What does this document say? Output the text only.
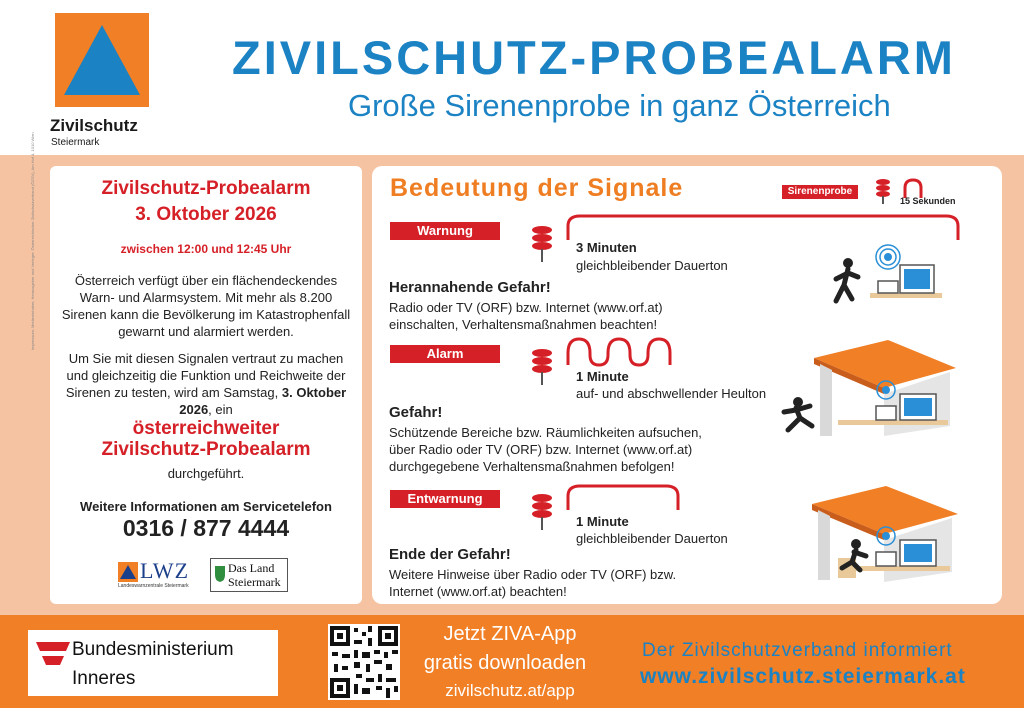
Zivilschutz
Steiermark
ZIVILSCHUTZ-PROBEALARM
Große Sirenenprobe in ganz Österreich
Impressum: Medieninhaber, Herausgeber und Verleger: Österreichischer Zivilschutzverband (ÖZSV), Am Hof 4, 1010 Wien	Zivilschutz-Probealarm
3. Oktober 2026
zwischen 12:00 und 12:45 Uhr
Österreich verfügt über ein flächendeckendes Warn- und Alarmsystem. Mit mehr als 8.200 Sirenen kann die Bevölkerung im Katastrophenfall gewarnt und alarmiert werden.
Um Sie mit diesen Signalen vertraut zu machen und gleichzeitig die Funktion und Reichweite der Sirenen zu testen, wird am Samstag, 3. Oktober 2026, ein
österreichweiter
Zivilschutz-Probealarm
durchgeführt.
Weitere Informationen am Servicetelefon
0316 / 877 4444
LWZ
Landeswarnzentrale Steiermark
Das Land
Steiermark
Bedeutung der Signale	Sirenenprobe
15 Sekunden
Warnung
3 Minuten
gleichbleibender Dauerton
Herannahende Gefahr!
Radio oder TV (ORF) bzw. Internet (www.orf.at) einschalten, Verhaltensmaßnahmen beachten!
Alarm
1 Minute
auf- und abschwellender Heulton
Gefahr!
Schützende Bereiche bzw. Räumlichkeiten aufsuchen, über Radio oder TV (ORF) bzw. Internet (www.orf.at) durchgegebene Verhaltensmaßnahmen befolgen!
Entwarnung
1 Minute
gleichbleibender Dauerton
Ende der Gefahr!
Weitere Hinweise über Radio oder TV (ORF) bzw. Internet (www.orf.at) beachten!
Bundesministerium
Inneres
Jetzt ZIVA-App
gratis downloaden
zivilschutz.at/app
Der Zivilschutzverband informiert
www.zivilschutz.steiermark.at
